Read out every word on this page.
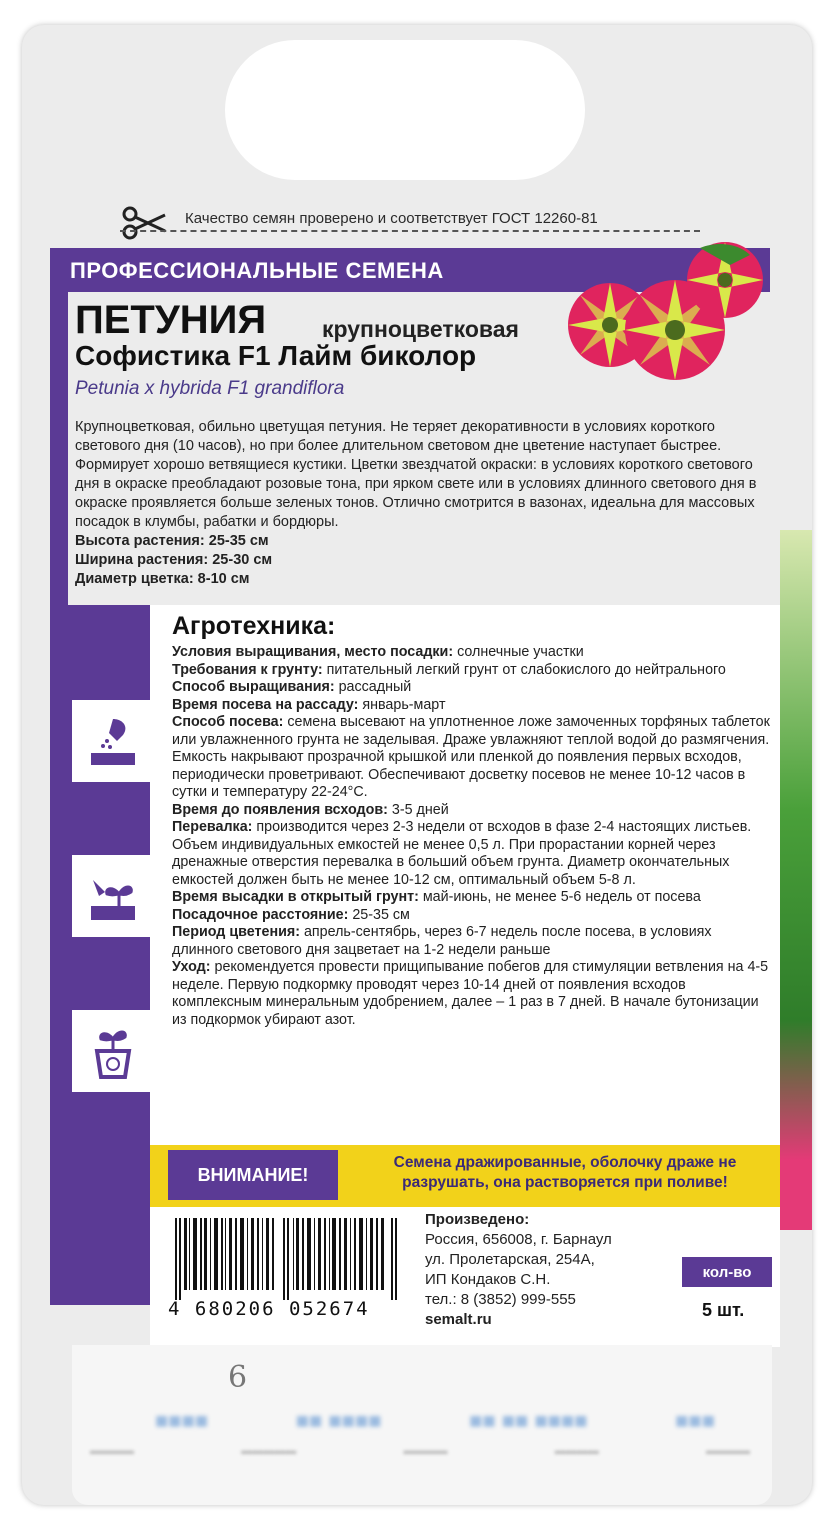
Качество семян проверено и соответствует ГОСТ 12260-81
ПРОФЕССИОНАЛЬНЫЕ СЕМЕНА
ПЕТУНИЯ крупноцветковая
Софистика F1 Лайм биколор
Petunia x hybrida F1 grandiflora
Крупноцветковая, обильно цветущая петуния. Не теряет декоративности в условиях короткого светового дня (10 часов), но при более длительном световом дне цветение наступает быстрее. Формирует хорошо ветвящиеся кустики. Цветки звездчатой окраски: в условиях короткого светового дня в окраске преобладают розовые тона, при ярком свете или в условиях длинного светового дня в окраске проявляется больше зеленых тонов. Отлично смотрится в вазонах, идеальна для массовых посадок в клумбы, рабатки и бордюры.
Высота растения: 25-35 см
Ширина растения: 25-30 см
Диаметр цветка: 8-10 см
Агротехника:
Условия выращивания, место посадки: солнечные участки
Требования к грунту: питательный легкий грунт от слабокислого до нейтрального
Способ выращивания: рассадный
Время посева на рассаду: январь-март
Способ посева: семена высевают на уплотненное ложе замоченных торфяных таблеток или увлажненного грунта не заделывая. Драже увлажняют теплой водой до размягчения. Емкость накрывают прозрачной крышкой или пленкой до появления первых всходов, периодически проветривают. Обеспечивают досветку посевов не менее 10-12 часов в сутки и температуру 22-24°С.
Время до появления всходов: 3-5 дней
Перевалка: производится через 2-3 недели от всходов в фазе 2-4 настоящих листьев. Объем индивидуальных емкостей не менее 0,5 л. При прорастании корней через дренажные отверстия перевалка в больший объем грунта. Диаметр окончательных емкостей должен быть не менее 10-12 см, оптимальный объем 5-8 л.
Время высадки в открытый грунт: май-июнь, не менее 5-6 недель от посева
Посадочное расстояние: 25-35 см
Период цветения: апрель-сентябрь, через 6-7 недель после посева, в условиях длинного светового дня зацветает на 1-2 недели раньше
Уход: рекомендуется провести прищипывание побегов для стимуляции ветвления на 4-5 неделе. Первую подкормку проводят через 10-14 дней от появления всходов комплексным минеральным удобрением, далее – 1 раз в 7 дней. В начале бутонизации из подкормок убирают азот.
ВНИМАНИЕ!
Семена дражированные, оболочку драже не разрушать, она растворяется при поливе!
4 680206 052674
Произведено:
Россия, 656008, г. Барнаул
ул. Пролетарская, 254А,
ИП Кондаков С.Н.
тел.: 8 (3852) 999-555
semalt.ru
кол-во
5 шт.
6
■■■■	■■ ■■■■	■■ ■■ ■■■■	■■■
▬▬▬▬	▬▬▬▬▬	▬▬▬▬	▬▬▬▬	▬▬▬▬
